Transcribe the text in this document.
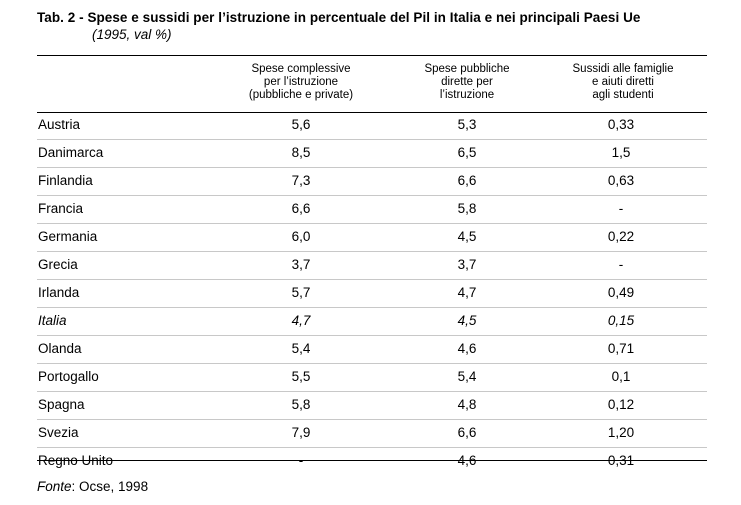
Tab. 2 - Spese e sussidi per l’istruzione in percentuale del Pil in Italia e nei principali Paesi Ue
(1995, val %)
Spese complessive
per l’istruzione
(pubbliche e private)
Spese pubbliche
dirette per
l’istruzione
Sussidi alle famiglie
e aiuti diretti
agli studenti
Austria	5,6	5,3	0,33
Danimarca	8,5	6,5	1,5
Finlandia	7,3	6,6	0,63
Francia	6,6	5,8	-
Germania	6,0	4,5	0,22
Grecia	3,7	3,7	-
Irlanda	5,7	4,7	0,49
Italia	4,7	4,5	0,15
Olanda	5,4	4,6	0,71
Portogallo	5,5	5,4	0,1
Spagna	5,8	4,8	0,12
Svezia	7,9	6,6	1,20
Regno Unito	-	4,6	0,31
Fonte: Ocse, 1998
